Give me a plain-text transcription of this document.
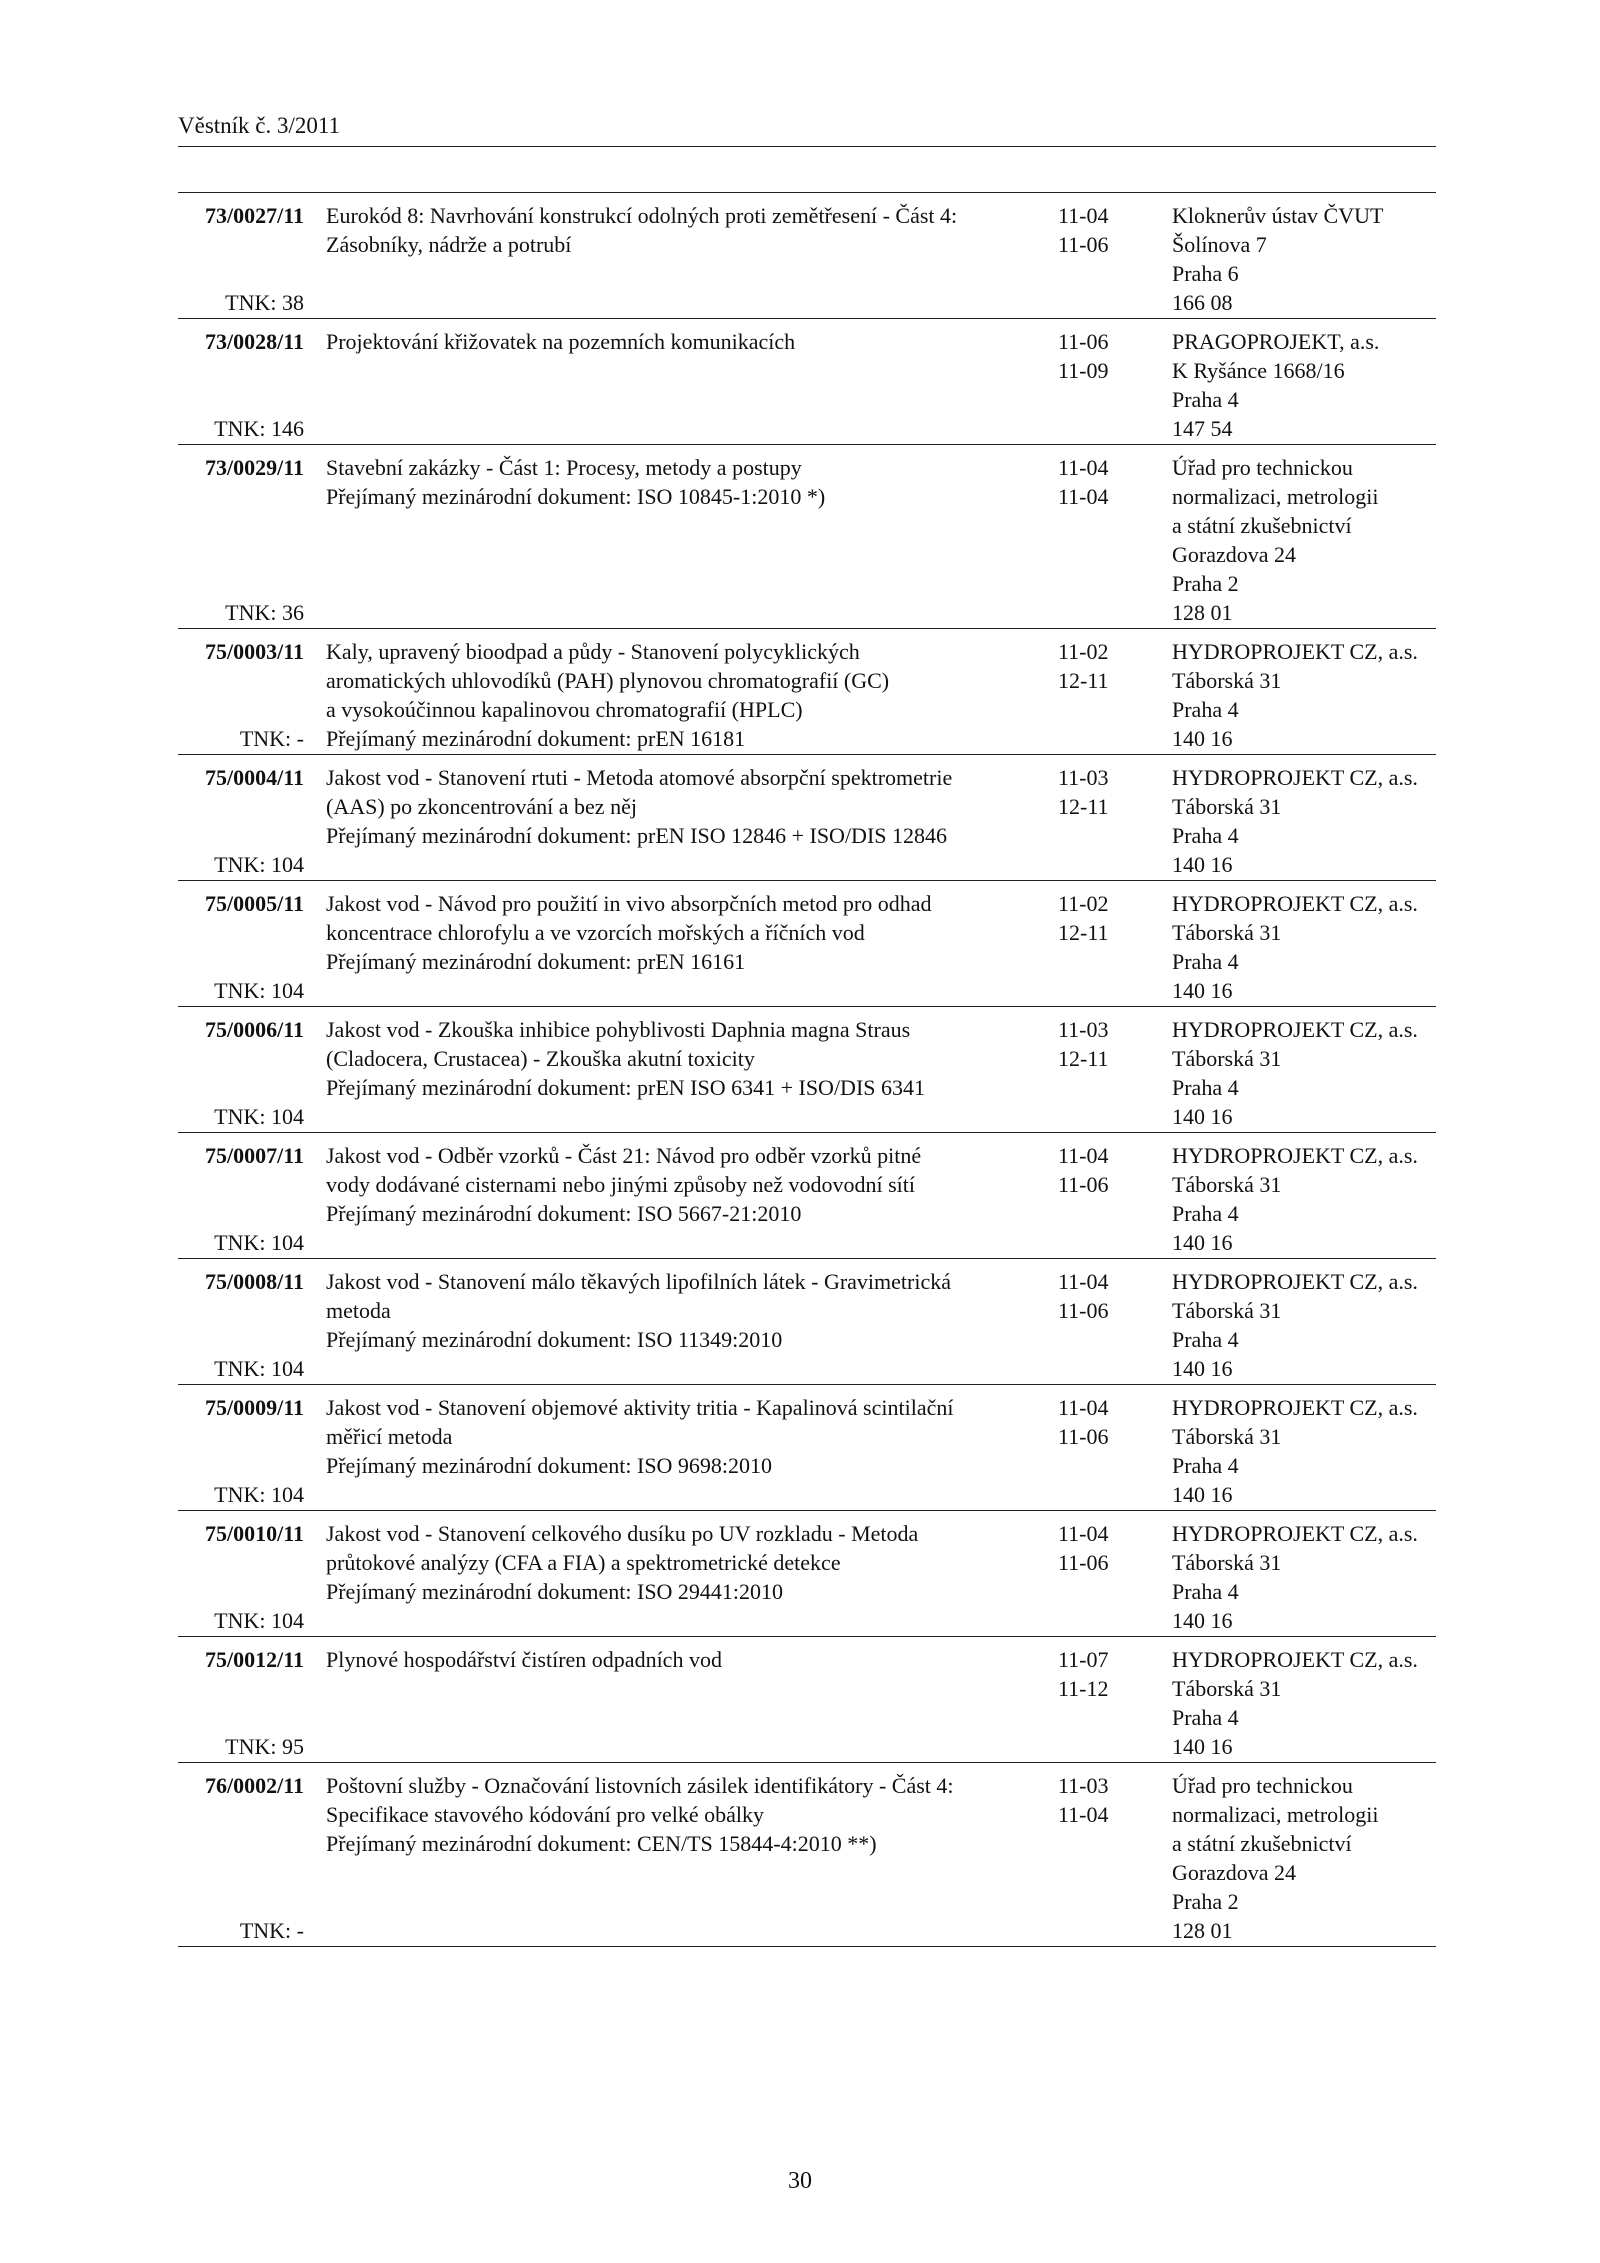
Věstník č. 3/2011
73/0027/11
TNK: 38
Eurokód 8: Navrhování konstrukcí odolných proti zemětřesení - Část 4:
Zásobníky, nádrže a potrubí

11-04
11-06
Kloknerův ústav ČVUT
Šolínova 7
Praha 6
166 08
73/0028/11
TNK: 146
Projektování křižovatek na pozemních komunikacích

	11-06
11-09
PRAGOPROJEKT, a.s.
K Ryšánce 1668/16
Praha 4
147 54
73/0029/11
TNK: 36
Stavební zakázky - Část 1: Procesy, metody a postupy
Přejímaný mezinárodní dokument: ISO 10845-1:2010 *)

11-04
11-04
Úřad pro technickou
normalizaci, metrologii
a státní zkušebnictví
Gorazdova 24
Praha 2
128 01
75/0003/11
TNK: -
Kaly, upravený bioodpad a půdy - Stanovení polycyklických
aromatických uhlovodíků (PAH) plynovou chromatografií (GC)
a vysokoúčinnou kapalinovou chromatografií (HPLC)
Přejímaný mezinárodní dokument: prEN 16181
11-02
12-11
HYDROPROJEKT CZ, a.s.
Táborská 31
Praha 4
140 16
75/0004/11
TNK: 104
Jakost vod - Stanovení rtuti - Metoda atomové absorpční spektrometrie
(AAS) po zkoncentrování a bez něj
Přejímaný mezinárodní dokument: prEN ISO 12846 + ISO/DIS 12846

11-03
12-11
HYDROPROJEKT CZ, a.s.
Táborská 31
Praha 4
140 16
75/0005/11
TNK: 104
Jakost vod - Návod pro použití in vivo absorpčních metod pro odhad
koncentrace chlorofylu a ve vzorcích mořských a říčních vod
Přejímaný mezinárodní dokument: prEN 16161

11-02
12-11
HYDROPROJEKT CZ, a.s.
Táborská 31
Praha 4
140 16
75/0006/11
TNK: 104
Jakost vod - Zkouška inhibice pohyblivosti Daphnia magna Straus
(Cladocera, Crustacea) - Zkouška akutní toxicity
Přejímaný mezinárodní dokument: prEN ISO 6341 + ISO/DIS 6341

11-03
12-11
HYDROPROJEKT CZ, a.s.
Táborská 31
Praha 4
140 16
75/0007/11
TNK: 104
Jakost vod - Odběr vzorků - Část 21: Návod pro odběr vzorků pitné
vody dodávané cisternami nebo jinými způsoby než vodovodní sítí
Přejímaný mezinárodní dokument: ISO 5667-21:2010

11-04
11-06
HYDROPROJEKT CZ, a.s.
Táborská 31
Praha 4
140 16
75/0008/11
TNK: 104
Jakost vod - Stanovení málo těkavých lipofilních látek - Gravimetrická
metoda
Přejímaný mezinárodní dokument: ISO 11349:2010

11-04
11-06
HYDROPROJEKT CZ, a.s.
Táborská 31
Praha 4
140 16
75/0009/11
TNK: 104
Jakost vod - Stanovení objemové aktivity tritia - Kapalinová scintilační
měřicí metoda
Přejímaný mezinárodní dokument: ISO 9698:2010

11-04
11-06
HYDROPROJEKT CZ, a.s.
Táborská 31
Praha 4
140 16
75/0010/11
TNK: 104
Jakost vod - Stanovení celkového dusíku po UV rozkladu - Metoda
průtokové analýzy (CFA a FIA) a spektrometrické detekce
Přejímaný mezinárodní dokument: ISO 29441:2010

11-04
11-06
HYDROPROJEKT CZ, a.s.
Táborská 31
Praha 4
140 16
75/0012/11
TNK: 95
Plynové hospodářství čistíren odpadních vod

	11-07
11-12
HYDROPROJEKT CZ, a.s.
Táborská 31
Praha 4
140 16
76/0002/11
TNK: -
Poštovní služby - Označování listovních zásilek identifikátory - Část 4:
Specifikace stavového kódování pro velké obálky
Přejímaný mezinárodní dokument: CEN/TS 15844-4:2010 **)

11-03
11-04
Úřad pro technickou
normalizaci, metrologii
a státní zkušebnictví
Gorazdova 24
Praha 2
128 01
30
